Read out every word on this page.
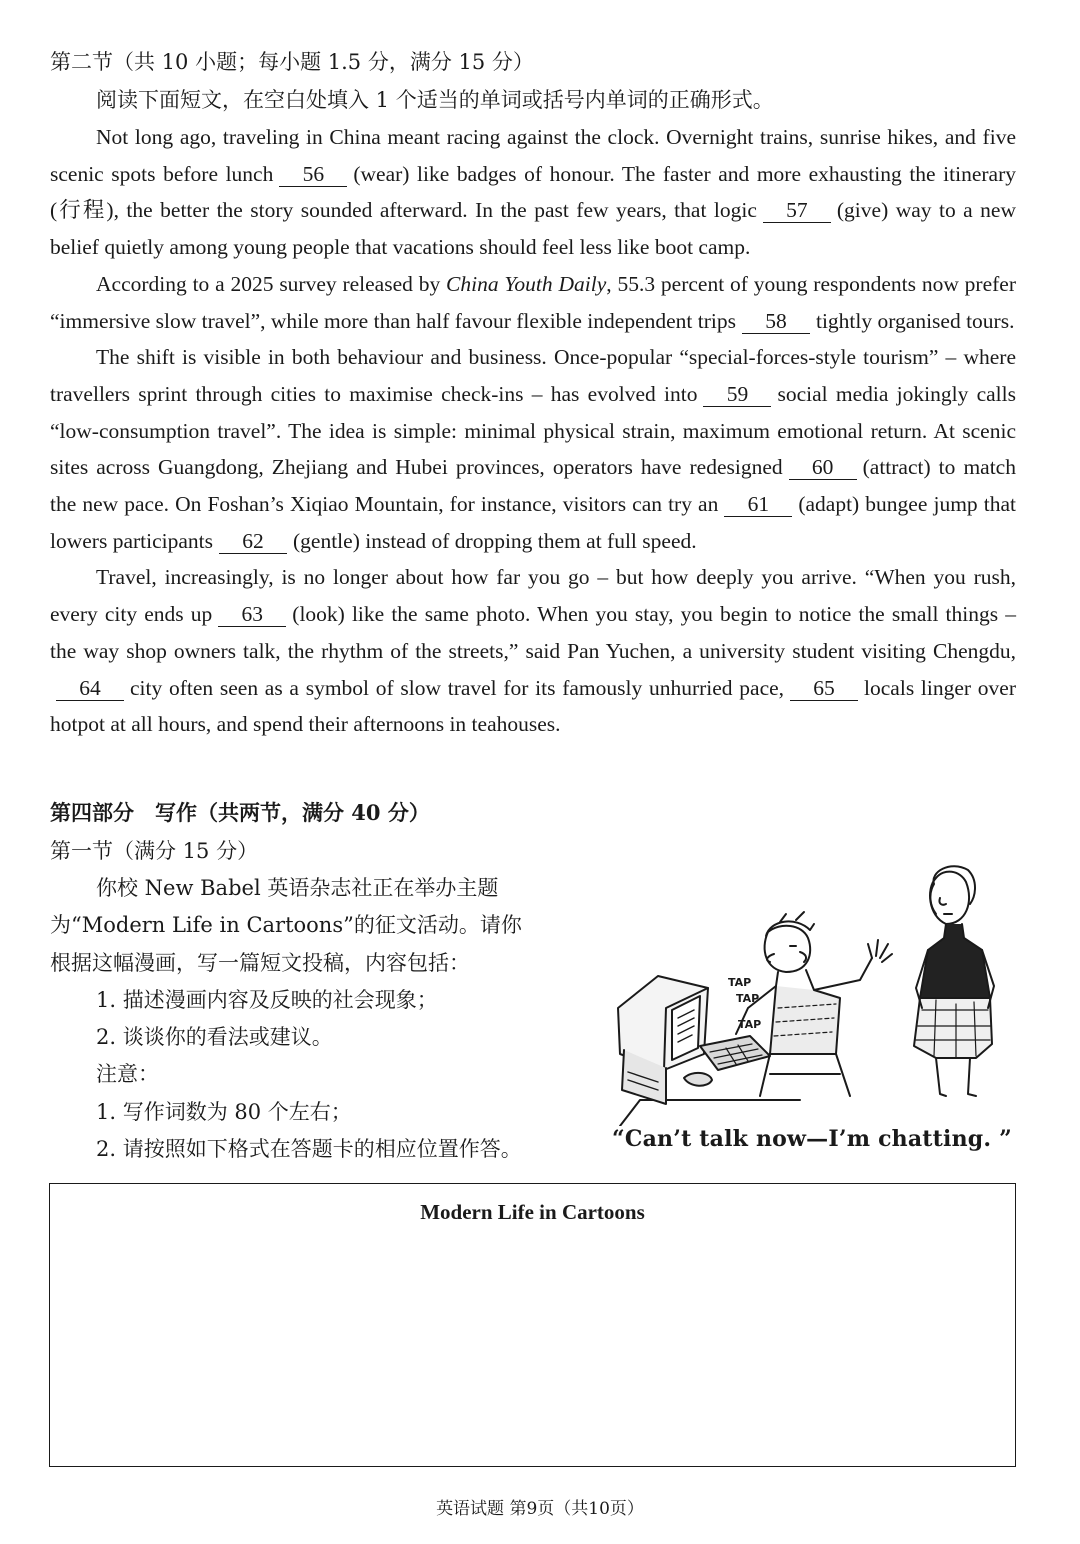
第二节（共 10 小题；每小题 1.5 分，满分 15 分）
阅读下面短文，在空白处填入 1 个适当的单词或括号内单词的正确形式。

Not long ago, traveling in China meant racing against the clock. Overnight trains, sunrise hikes, and five scenic spots before lunch 56 (wear) like badges of honour. The faster and more exhausting the itinerary (行程), the better the story sounded afterward. In the past few years, that logic 57 (give) way to a new belief quietly among young people that vacations should feel less like boot camp.

According to a 2025 survey released by China Youth Daily, 55.3 percent of young respondents now prefer “immersive slow travel”, while more than half favour flexible independent trips 58 tightly organised tours.

The shift is visible in both behaviour and business. Once-popular “special-forces-style tourism” – where travellers sprint through cities to maximise check-ins – has evolved into 59 social media jokingly calls “low-consumption travel”. The idea is simple: minimal physical strain, maximum emotional return. At scenic sites across Guangdong, Zhejiang and Hubei provinces, operators have redesigned 60 (attract) to match the new pace. On Foshan’s Xiqiao Mountain, for instance, visitors can try an 61 (adapt) bungee jump that lowers participants 62 (gentle) instead of dropping them at full speed.

Travel, increasingly, is no longer about how far you go – but how deeply you arrive. “When you rush, every city ends up 63 (look) like the same photo. When you stay, you begin to notice the small things – the way shop owners talk, the rhythm of the streets,” said Pan Yuchen, a university student visiting Chengdu,64 city often seen as a symbol of slow travel for its famously unhurried pace, 65 locals linger over hotpot at all hours, and spend their afternoons in teahouses.

第四部分　写作（共两节，满分 40 分）
第一节（满分 15 分）
你校 New Babel 英语杂志社正在举办主题为“Modern Life in Cartoons”的征文活动。请你根据这幅漫画，写一篇短文投稿，内容包括：
1. 描述漫画内容及反映的社会现象；
2. 谈谈你的看法或建议。
注意：
1. 写作词数为 80 个左右；
2. 请按照如下格式在答题卡的相应位置作答。
TAP
TAP
TAP
“Can’t talk now—I’m chatting. ”
Modern Life in Cartoons
英语试题 第9页（共10页）
